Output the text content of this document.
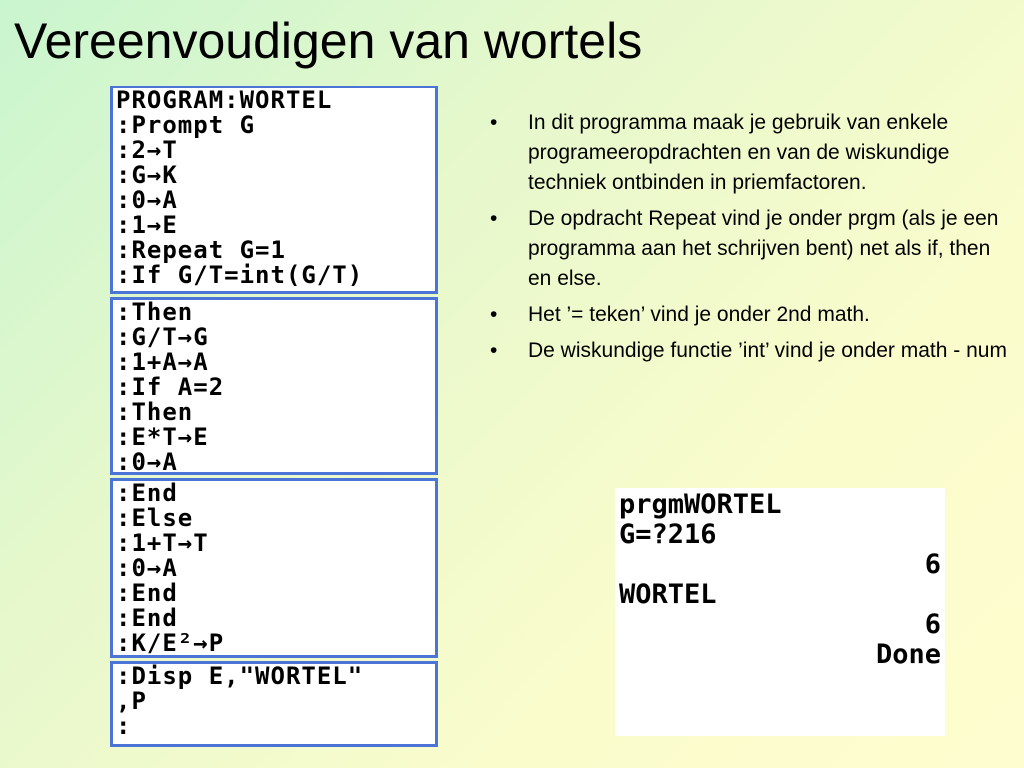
Vereenvoudigen van wortels
PROGRAM:WORTEL
:Prompt G
:2→T
:G→K
:0→A
:1→E
:Repeat G=1
:If G/T=int(G/T)
:Then
:G/T→G
:1+A→A
:If A=2
:Then
:E*T→E
:0→A
:End
:Else
:1+T→T
:0→A
:End
:End
:K/E²→P
:Disp E,"WORTEL"
,P
:
• In dit programma maak je gebruik van enkele programeeropdrachten en van de wiskundige techniek ontbinden in priemfactoren.
• De opdracht Repeat vind je onder prgm (als je een programma aan het schrijven bent) net als if, then en else.
• Het ’= teken’ vind je onder 2nd math.
• De wiskundige functie ’int’ vind je onder math - num
prgmWORTEL
G=?216
6
WORTEL
6
Done
